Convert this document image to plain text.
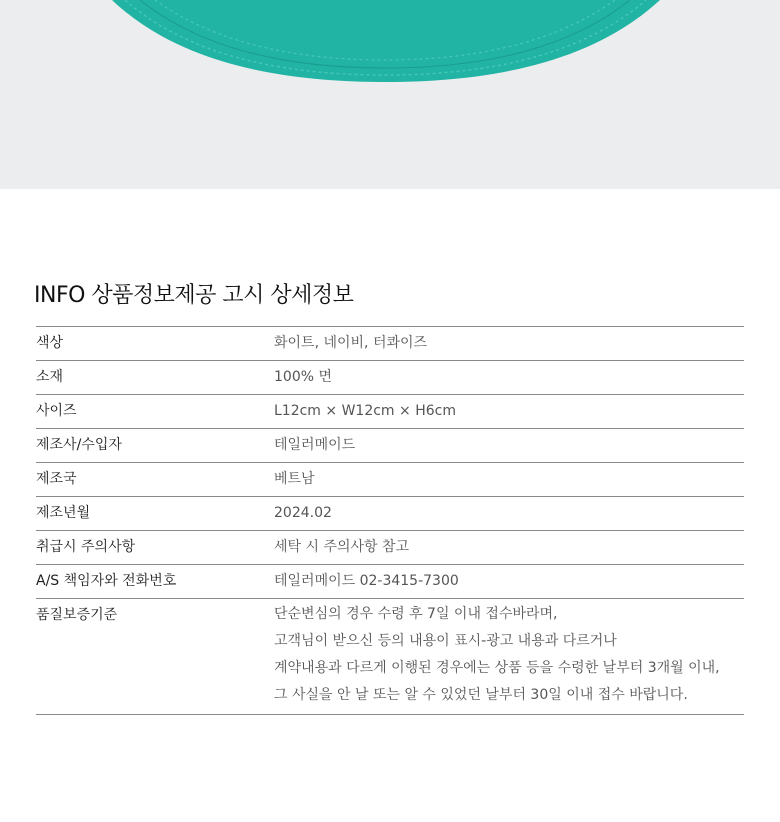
INFO 상품정보제공 고시 상세정보
색상	화이트, 네이비, 터콰이즈
소재	100% 면
사이즈	L12cm × W12cm × H6cm
제조사/수입자	테일러메이드
제조국	베트남
제조년월	2024.02
취급시 주의사항	세탁 시 주의사항 참고
A/S 책임자와 전화번호	테일러메이드 02-3415-7300
품질보증기준	단순변심의 경우 수령 후 7일 이내 접수바라며,
고객님이 받으신 등의 내용이 표시-광고 내용과 다르거나
계약내용과 다르게 이행된 경우에는 상품 등을 수령한 날부터 3개월 이내,
그 사실을 안 날 또는 알 수 있었던 날부터 30일 이내 접수 바랍니다.
